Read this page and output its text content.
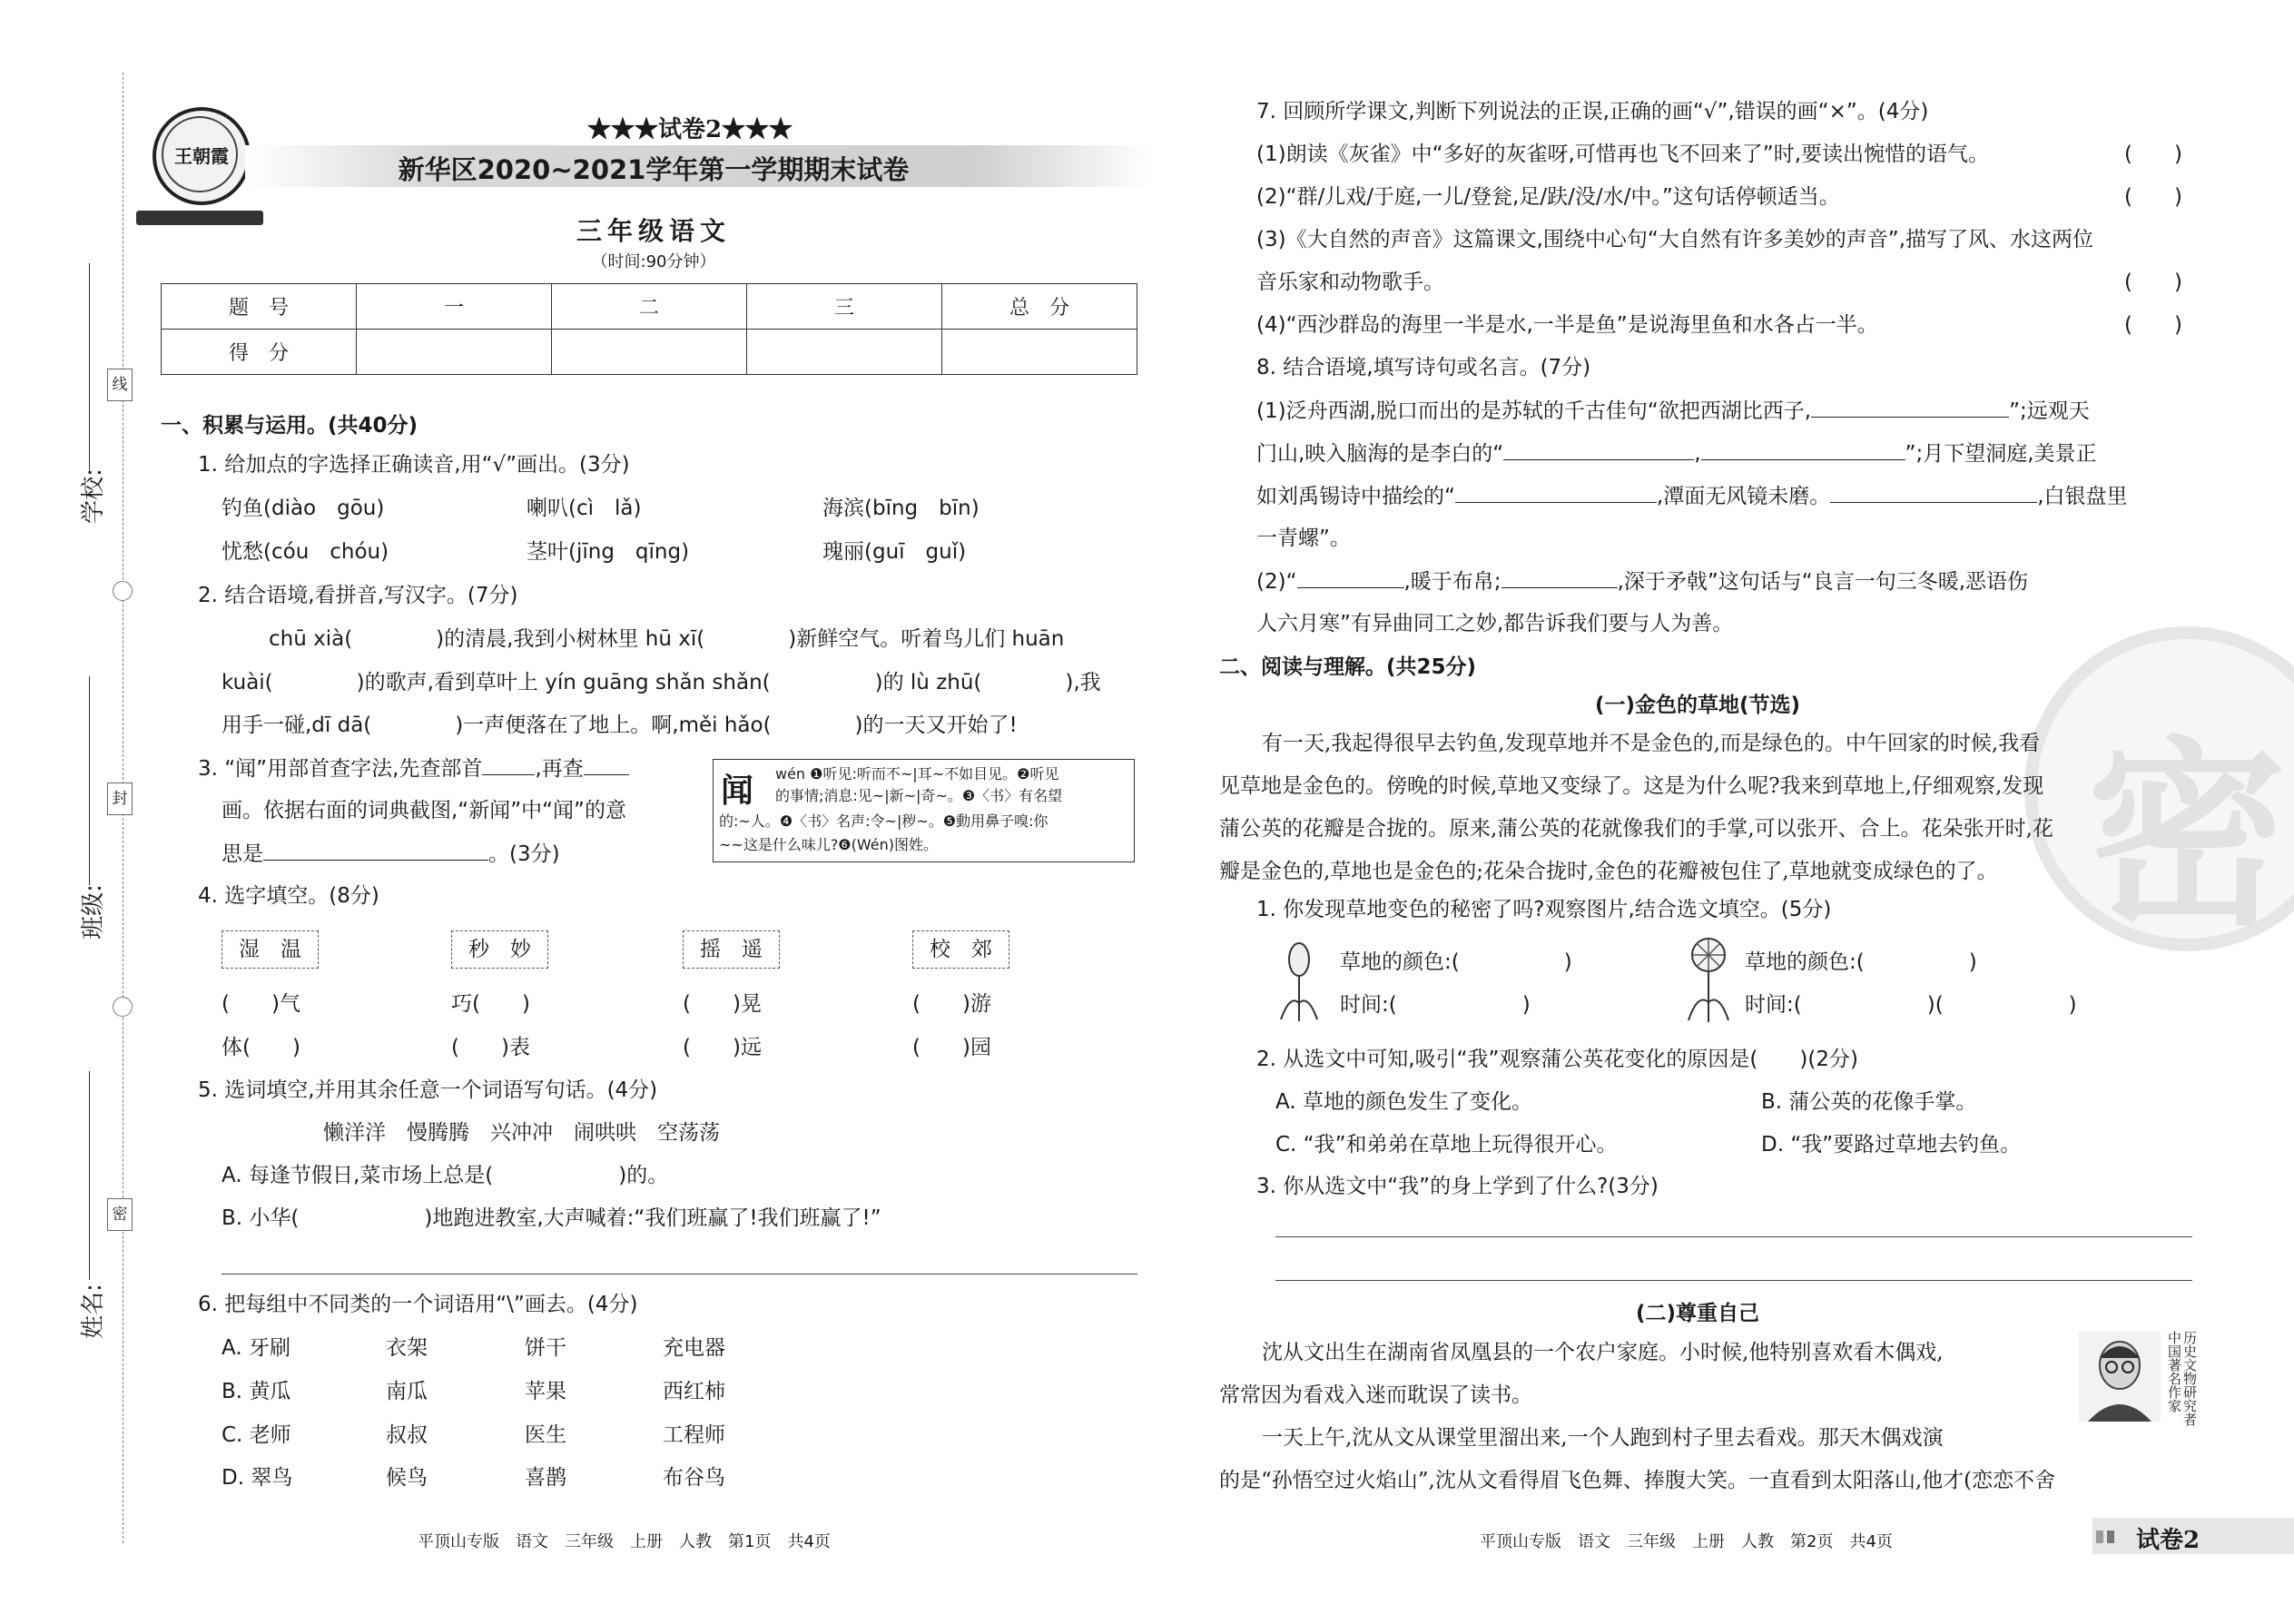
线
封
密
学校:
班级:
姓名:
王朝霞
★★★试卷2★★★
新华区2020~2021学年第一学期期末试卷
三年级语文
（时间:90分钟）
题　号	一	二	三	总　分
得　分				
一、积累与运用。(共40分)
1. 给加点的字选择正确读音,用“√”画出。(3分)
钓鱼(diào　gōu)	喇叭(cì　lǎ)	海滨(bīng　bīn)
忧愁(cóu　chóu)	茎叶(jīng　qīng)	瑰丽(guī　guǐ)
2. 结合语境,看拼音,写汉字。(7分)
chū xià(　　　　)的清晨,我到小树林里 hū xī(　　　　)新鲜空气。听着鸟儿们 huān
kuài(　　　　)的歌声,看到草叶上 yín guāng shǎn shǎn(　　　　　)的 lù zhū(　　　　),我
用手一碰,dī dā(　　　　)一声便落在了地上。啊,měi hǎo(　　　　)的一天又开始了!
3. “闻”用部首查字法,先查部首	,再查
画。依据右面的词典截图,“新闻”中“闻”的意
思是	。(3分)
闻 wén ❶听见:听而不~|耳~不如目见。❷听见
的事情;消息:见~|新~|奇~。❸〈书〉有名望
的:~人。❹〈书〉名声:令~|秽~。❺動用鼻子嗅:你
~~这是什么味儿?❻(Wén)图姓。
4. 选字填空。(8分)
湿　温	秒　妙	摇　遥	校　郊
(　　)气	巧(　　)	(　　)晃	(　　)游
体(　　)	(　　)表	(　　)远	(　　)园
5. 选词填空,并用其余任意一个词语写句话。(4分)
懒洋洋　慢腾腾　兴冲冲　闹哄哄　空荡荡
A. 每逢节假日,菜市场上总是(　　　　　　)的。
B. 小华(　　　　　　)地跑进教室,大声喊着:“我们班赢了!我们班赢了!”
6. 把每组中不同类的一个词语用“\”画去。(4分)
A. 牙刷	衣架	饼干	充电器
B. 黄瓜	南瓜	苹果	西红柿
C. 老师	叔叔	医生	工程师
D. 翠鸟	候鸟	喜鹊	布谷鸟
平顶山专版　语文　三年级　上册　人教　第1页　共4页
密
7. 回顾所学课文,判断下列说法的正误,正确的画“√”,错误的画“×”。(4分)
(1)朗读《灰雀》中“多好的灰雀呀,可惜再也飞不回来了”时,要读出惋惜的语气。	(　　)
(2)“群/儿戏/于庭,一儿/登瓮,足/趺/没/水/中。”这句话停顿适当。	(　　)
(3)《大自然的声音》这篇课文,围绕中心句“大自然有许多美妙的声音”,描写了风、水这两位
音乐家和动物歌手。	(　　)
(4)“西沙群岛的海里一半是水,一半是鱼”是说海里鱼和水各占一半。	(　　)
8. 结合语境,填写诗句或名言。(7分)
(1)泛舟西湖,脱口而出的是苏轼的千古佳句“欲把西湖比西子,	”;远观天
门山,映入脑海的是李白的“	,	”;月下望洞庭,美景正
如刘禹锡诗中描绘的“	,潭面无风镜未磨。	,白银盘里
一青螺”。
(2)“	,暖于布帛;	,深于矛戟”这句话与“良言一句三冬暖,恶语伤
人六月寒”有异曲同工之妙,都告诉我们要与人为善。
二、阅读与理解。(共25分)
(一)金色的草地(节选)
有一天,我起得很早去钓鱼,发现草地并不是金色的,而是绿色的。中午回家的时候,我看
见草地是金色的。傍晚的时候,草地又变绿了。这是为什么呢?我来到草地上,仔细观察,发现
蒲公英的花瓣是合拢的。原来,蒲公英的花就像我们的手掌,可以张开、合上。花朵张开时,花
瓣是金色的,草地也是金色的;花朵合拢时,金色的花瓣被包住了,草地就变成绿色的了。
1. 你发现草地变色的秘密了吗?观察图片,结合选文填空。(5分)
草地的颜色:(　　　　　)
时间:(　　　　　　)
草地的颜色:(　　　　　)
时间:(　　　　　　)(　　　　　　)
2. 从选文中可知,吸引“我”观察蒲公英花变化的原因是(　　)(2分)
A. 草地的颜色发生了变化。	B. 蒲公英的花像手掌。
C. “我”和弟弟在草地上玩得很开心。	D. “我”要路过草地去钓鱼。
3. 你从选文中“我”的身上学到了什么?(3分)
(二)尊重自己
沈从文出生在湖南省凤凰县的一个农户家庭。小时候,他特别喜欢看木偶戏,
常常因为看戏入迷而耽误了读书。
一天上午,沈从文从课堂里溜出来,一个人跑到村子里去看戏。那天木偶戏演
的是“孙悟空过火焰山”,沈从文看得眉飞色舞、捧腹大笑。一直看到太阳落山,他才(恋恋不舍
历史文物研究者 中国著名作家
平顶山专版　语文　三年级　上册　人教　第2页　共4页	试卷2
